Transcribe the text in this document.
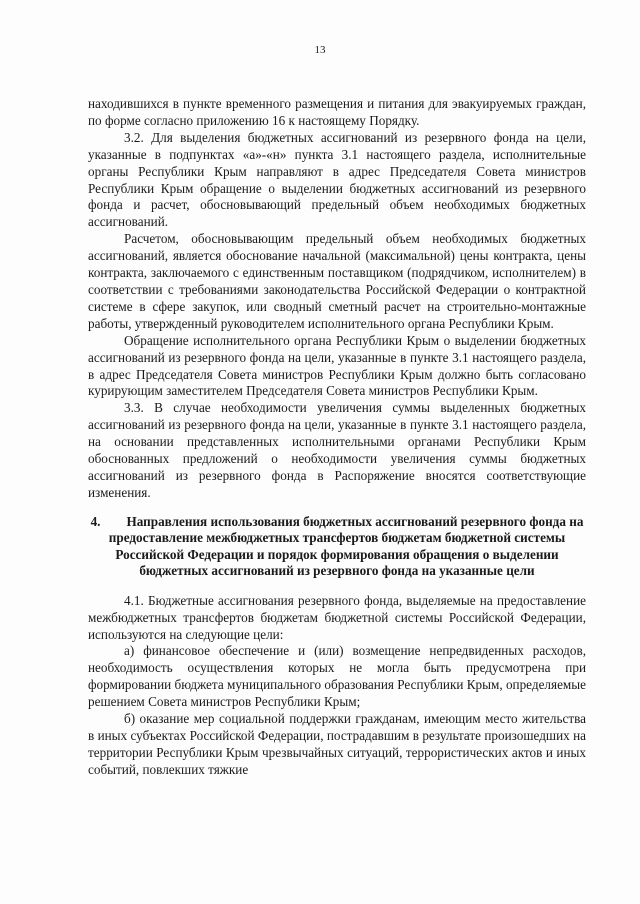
13

находившихся в пункте временного размещения и питания для эвакуируемых граждан, по форме согласно приложению 16 к настоящему Порядку.

3.2. Для выделения бюджетных ассигнований из резервного фонда на цели, указанные в подпунктах «а»-«н» пункта 3.1 настоящего раздела, исполнительные органы Республики Крым направляют в адрес Председателя Совета министров Республики Крым обращение о выделении бюджетных ассигнований из резервного фонда и расчет, обосновывающий предельный объем необходимых бюджетных ассигнований.

Расчетом, обосновывающим предельный объем необходимых бюджетных ассигнований, является обоснование начальной (максимальной) цены контракта, цены контракта, заключаемого с единственным поставщиком (подрядчиком, исполнителем) в соответствии с требованиями законодательства Российской Федерации о контрактной системе в сфере закупок, или сводный сметный расчет на строительно-монтажные работы, утвержденный руководителем исполнительного органа Республики Крым.

Обращение исполнительного органа Республики Крым о выделении бюджетных ассигнований из резервного фонда на цели, указанные в пункте 3.1 настоящего раздела, в адрес Председателя Совета министров Республики Крым должно быть согласовано курирующим заместителем Председателя Совета министров Республики Крым.

3.3. В случае необходимости увеличения суммы выделенных бюджетных ассигнований из резервного фонда на цели, указанные в пункте 3.1 настоящего раздела, на основании представленных исполнительными органами Республики Крым обоснованных предложений о необходимости увеличения суммы бюджетных ассигнований из резервного фонда в Распоряжение вносятся соответствующие изменения.

4. Направления использования бюджетных ассигнований резервного фонда на предоставление межбюджетных трансфертов бюджетам бюджетной системы Российской Федерации и порядок формирования обращения о выделении бюджетных ассигнований из резервного фонда на указанные цели

4.1. Бюджетные ассигнования резервного фонда, выделяемые на предоставление межбюджетных трансфертов бюджетам бюджетной системы Российской Федерации, используются на следующие цели:

а) финансовое обеспечение и (или) возмещение непредвиденных расходов, необходимость осуществления которых не могла быть предусмотрена при формировании бюджета муниципального образования Республики Крым, определяемые решением Совета министров Республики Крым;

б) оказание мер социальной поддержки гражданам, имеющим место жительства в иных субъектах Российской Федерации, пострадавшим в результате произошедших на территории Республики Крым чрезвычайных ситуаций, террористических актов и иных событий, повлекших тяжкие
